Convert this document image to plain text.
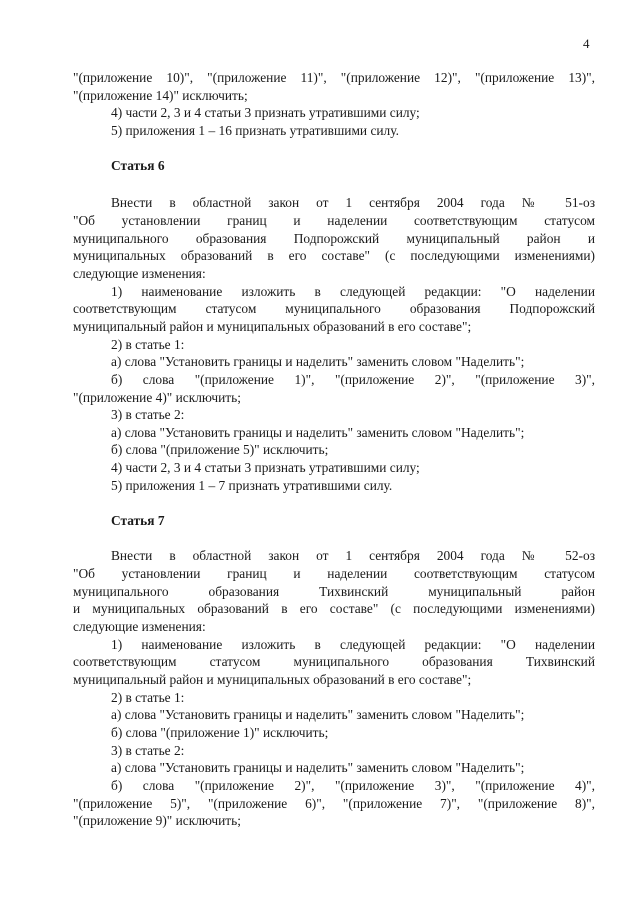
4
"(приложение 10)", "(приложение 11)", "(приложение 12)", "(приложение 13)",
"(приложение 14)" исключить;
4) части 2, 3 и 4 статьи 3 признать утратившими силу;
5) приложения 1 – 16 признать утратившими силу.
Статья 6
Внести в областной закон от 1 сентября 2004 года № 51-оз
"Об установлении границ и наделении соответствующим статусом
муниципального образования Подпорожский муниципальный район и
муниципальных образований в его составе" (с последующими изменениями)
следующие изменения:
1) наименование изложить в следующей редакции: "О наделении
соответствующим статусом муниципального образования Подпорожский
муниципальный район и муниципальных образований в его составе";
2) в статье 1:
а) слова "Установить границы и наделить" заменить словом "Наделить";
б) слова "(приложение 1)", "(приложение 2)", "(приложение 3)",
"(приложение 4)" исключить;
3) в статье 2:
а) слова "Установить границы и наделить" заменить словом "Наделить";
б) слова "(приложение 5)" исключить;
4) части 2, 3 и 4 статьи 3 признать утратившими силу;
5) приложения 1 – 7 признать утратившими силу.
Статья 7
Внести в областной закон от 1 сентября 2004 года № 52-оз
"Об установлении границ и наделении соответствующим статусом
муниципального образования Тихвинский муниципальный район
и муниципальных образований в его составе" (с последующими изменениями)
следующие изменения:
1) наименование изложить в следующей редакции: "О наделении
соответствующим статусом муниципального образования Тихвинский
муниципальный район и муниципальных образований в его составе";
2) в статье 1:
а) слова "Установить границы и наделить" заменить словом "Наделить";
б) слова "(приложение 1)" исключить;
3) в статье 2:
а) слова "Установить границы и наделить" заменить словом "Наделить";
б) слова "(приложение 2)", "(приложение 3)", "(приложение 4)",
"(приложение 5)", "(приложение 6)", "(приложение 7)", "(приложение 8)",
"(приложение 9)" исключить;
